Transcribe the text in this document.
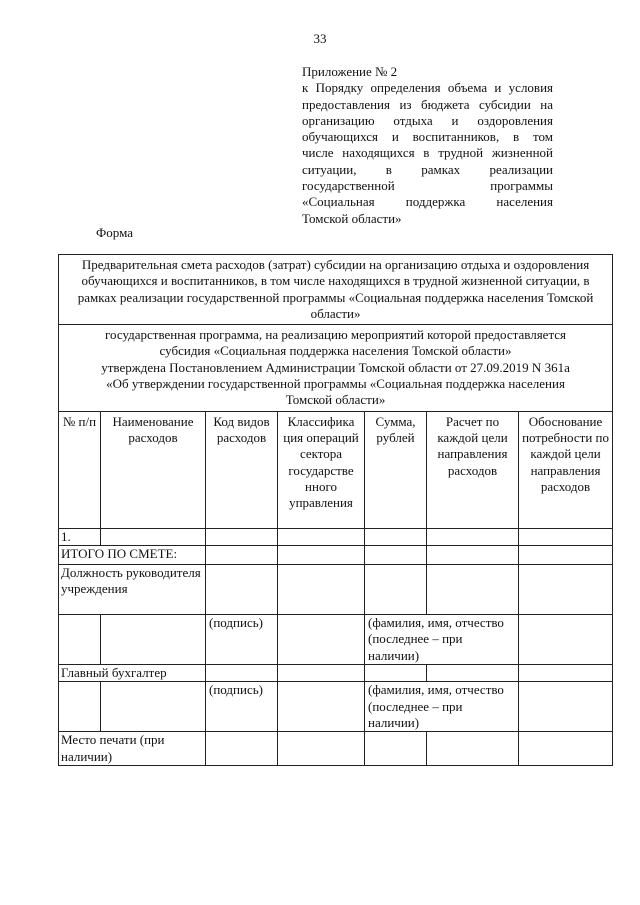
33
Приложение № 2
к Порядку определения объема и условия
предоставления из бюджета субсидии на
организацию отдыха и оздоровления
обучающихся и воспитанников, в том
числе находящихся в трудной жизненной
ситуации, в рамках реализации
государственной программы
«Социальная поддержка населения
Томской области»
Форма
Предварительная смета расходов (затрат) субсидии на организацию отдыха и оздоровления обучающихся и воспитанников, в том числе находящихся в трудной жизненной ситуации, в рамках реализации государственной программы «Социальная поддержка населения Томской области»						

государственная программа, на реализацию мероприятий которой предоставляется
субсидия «Социальная поддержка населения Томской области»
утверждена Постановлением Администрации Томской области от 27.09.2019 N 361а
«Об утверждении государственной программы «Социальная поддержка населения
Томской области»						

№ п/п	Наименование расходов	Код видов расходов	Классифика ция операций сектора государстве нного управления	Сумма, рублей	Расчет по каждой цели направления расходов	Обоснование потребности по каждой цели направления расходов
1.						
ИТОГО ПО СМЕТЕ:						
Должность руководителя учреждения						
		(подпись)		(фамилия, имя, отчество (последнее – при наличии)		
Главный бухгалтер						
		(подпись)		(фамилия, имя, отчество (последнее – при наличии)		
Место печати (при наличии)						
